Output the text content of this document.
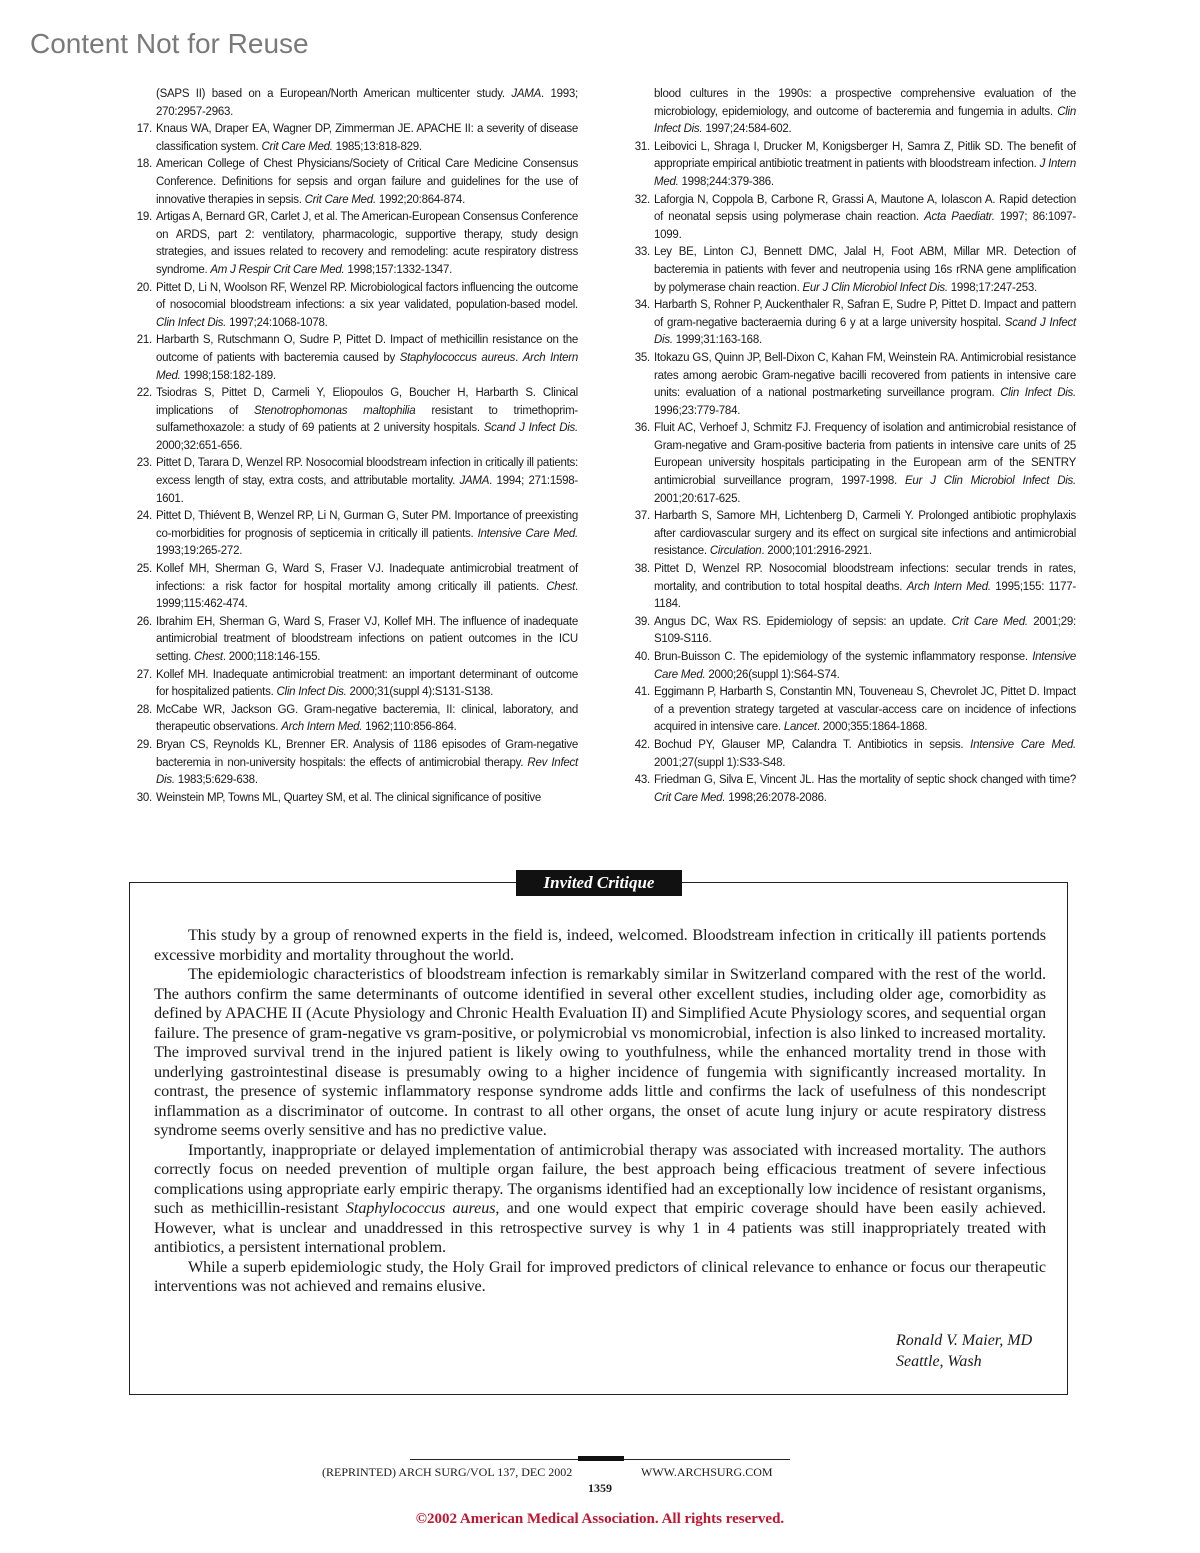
Content Not for Reuse
(SAPS II) based on a European/North American multicenter study. JAMA. 1993; 270:2957-2963.
17. Knaus WA, Draper EA, Wagner DP, Zimmerman JE. APACHE II: a severity of disease classification system. Crit Care Med. 1985;13:818-829.
18. American College of Chest Physicians/Society of Critical Care Medicine Consensus Conference. Definitions for sepsis and organ failure and guidelines for the use of innovative therapies in sepsis. Crit Care Med. 1992;20:864-874.
19. Artigas A, Bernard GR, Carlet J, et al. The American-European Consensus Conference on ARDS, part 2: ventilatory, pharmacologic, supportive therapy, study design strategies, and issues related to recovery and remodeling: acute respiratory distress syndrome. Am J Respir Crit Care Med. 1998;157:1332-1347.
20. Pittet D, Li N, Woolson RF, Wenzel RP. Microbiological factors influencing the outcome of nosocomial bloodstream infections: a six year validated, population-based model. Clin Infect Dis. 1997;24:1068-1078.
21. Harbarth S, Rutschmann O, Sudre P, Pittet D. Impact of methicillin resistance on the outcome of patients with bacteremia caused by Staphylococcus aureus. Arch Intern Med. 1998;158:182-189.
22. Tsiodras S, Pittet D, Carmeli Y, Eliopoulos G, Boucher H, Harbarth S. Clinical implications of Stenotrophomonas maltophilia resistant to trimethoprim-sulfamethoxazole: a study of 69 patients at 2 university hospitals. Scand J Infect Dis. 2000;32:651-656.
23. Pittet D, Tarara D, Wenzel RP. Nosocomial bloodstream infection in critically ill patients: excess length of stay, extra costs, and attributable mortality. JAMA. 1994; 271:1598-1601.
24. Pittet D, Thiévent B, Wenzel RP, Li N, Gurman G, Suter PM. Importance of preexisting co-morbidities for prognosis of septicemia in critically ill patients. Intensive Care Med. 1993;19:265-272.
25. Kollef MH, Sherman G, Ward S, Fraser VJ. Inadequate antimicrobial treatment of infections: a risk factor for hospital mortality among critically ill patients. Chest. 1999;115:462-474.
26. Ibrahim EH, Sherman G, Ward S, Fraser VJ, Kollef MH. The influence of inadequate antimicrobial treatment of bloodstream infections on patient outcomes in the ICU setting. Chest. 2000;118:146-155.
27. Kollef MH. Inadequate antimicrobial treatment: an important determinant of outcome for hospitalized patients. Clin Infect Dis. 2000;31(suppl 4):S131-S138.
28. McCabe WR, Jackson GG. Gram-negative bacteremia, II: clinical, laboratory, and therapeutic observations. Arch Intern Med. 1962;110:856-864.
29. Bryan CS, Reynolds KL, Brenner ER. Analysis of 1186 episodes of Gram-negative bacteremia in non-university hospitals: the effects of antimicrobial therapy. Rev Infect Dis. 1983;5:629-638.
30. Weinstein MP, Towns ML, Quartey SM, et al. The clinical significance of positive
blood cultures in the 1990s: a prospective comprehensive evaluation of the microbiology, epidemiology, and outcome of bacteremia and fungemia in adults. Clin Infect Dis. 1997;24:584-602.
31. Leibovici L, Shraga I, Drucker M, Konigsberger H, Samra Z, Pitlik SD. The benefit of appropriate empirical antibiotic treatment in patients with bloodstream infection. J Intern Med. 1998;244:379-386.
32. Laforgia N, Coppola B, Carbone R, Grassi A, Mautone A, Iolascon A. Rapid detection of neonatal sepsis using polymerase chain reaction. Acta Paediatr. 1997; 86:1097-1099.
33. Ley BE, Linton CJ, Bennett DMC, Jalal H, Foot ABM, Millar MR. Detection of bacteremia in patients with fever and neutropenia using 16s rRNA gene amplification by polymerase chain reaction. Eur J Clin Microbiol Infect Dis. 1998;17:247-253.
34. Harbarth S, Rohner P, Auckenthaler R, Safran E, Sudre P, Pittet D. Impact and pattern of gram-negative bacteraemia during 6 y at a large university hospital. Scand J Infect Dis. 1999;31:163-168.
35. Itokazu GS, Quinn JP, Bell-Dixon C, Kahan FM, Weinstein RA. Antimicrobial resistance rates among aerobic Gram-negative bacilli recovered from patients in intensive care units: evaluation of a national postmarketing surveillance program. Clin Infect Dis. 1996;23:779-784.
36. Fluit AC, Verhoef J, Schmitz FJ. Frequency of isolation and antimicrobial resistance of Gram-negative and Gram-positive bacteria from patients in intensive care units of 25 European university hospitals participating in the European arm of the SENTRY antimicrobial surveillance program, 1997-1998. Eur J Clin Microbiol Infect Dis. 2001;20:617-625.
37. Harbarth S, Samore MH, Lichtenberg D, Carmeli Y. Prolonged antibiotic prophylaxis after cardiovascular surgery and its effect on surgical site infections and antimicrobial resistance. Circulation. 2000;101:2916-2921.
38. Pittet D, Wenzel RP. Nosocomial bloodstream infections: secular trends in rates, mortality, and contribution to total hospital deaths. Arch Intern Med. 1995;155: 1177-1184.
39. Angus DC, Wax RS. Epidemiology of sepsis: an update. Crit Care Med. 2001;29: S109-S116.
40. Brun-Buisson C. The epidemiology of the systemic inflammatory response. Intensive Care Med. 2000;26(suppl 1):S64-S74.
41. Eggimann P, Harbarth S, Constantin MN, Touveneau S, Chevrolet JC, Pittet D. Impact of a prevention strategy targeted at vascular-access care on incidence of infections acquired in intensive care. Lancet. 2000;355:1864-1868.
42. Bochud PY, Glauser MP, Calandra T. Antibiotics in sepsis. Intensive Care Med. 2001;27(suppl 1):S33-S48.
43. Friedman G, Silva E, Vincent JL. Has the mortality of septic shock changed with time? Crit Care Med. 1998;26:2078-2086.
Invited Critique

This study by a group of renowned experts in the field is, indeed, welcomed. Bloodstream infection in critically ill patients portends excessive morbidity and mortality throughout the world.

The epidemiologic characteristics of bloodstream infection is remarkably similar in Switzerland compared with the rest of the world. The authors confirm the same determinants of outcome identified in several other excellent studies, including older age, comorbidity as defined by APACHE II (Acute Physiology and Chronic Health Evaluation II) and Simplified Acute Physiology scores, and sequential organ failure. The presence of gram-negative vs gram-positive, or polymicrobial vs monomicrobial, infection is also linked to increased mortality. The improved survival trend in the injured patient is likely owing to youthfulness, while the enhanced mortality trend in those with underlying gastrointestinal disease is presumably owing to a higher incidence of fungemia with significantly increased mortality. In contrast, the presence of systemic inflammatory response syndrome adds little and confirms the lack of usefulness of this nondescript inflammation as a discriminator of outcome. In contrast to all other organs, the onset of acute lung injury or acute respiratory distress syndrome seems overly sensitive and has no predictive value.

Importantly, inappropriate or delayed implementation of antimicrobial therapy was associated with increased mortality. The authors correctly focus on needed prevention of multiple organ failure, the best approach being efficacious treatment of severe infectious complications using appropriate early empiric therapy. The organisms identified had an exceptionally low incidence of resistant organisms, such as methicillin-resistant Staphylococcus aureus, and one would expect that empiric coverage should have been easily achieved. However, what is unclear and unaddressed in this retrospective survey is why 1 in 4 patients was still inappropriately treated with antibiotics, a persistent international problem.

While a superb epidemiologic study, the Holy Grail for improved predictors of clinical relevance to enhance or focus our therapeutic interventions was not achieved and remains elusive.

Ronald V. Maier, MD
Seattle, Wash
(REPRINTED) ARCH SURG/VOL 137, DEC 2002	WWW.ARCHSURG.COM
1359
©2002 American Medical Association. All rights reserved.
